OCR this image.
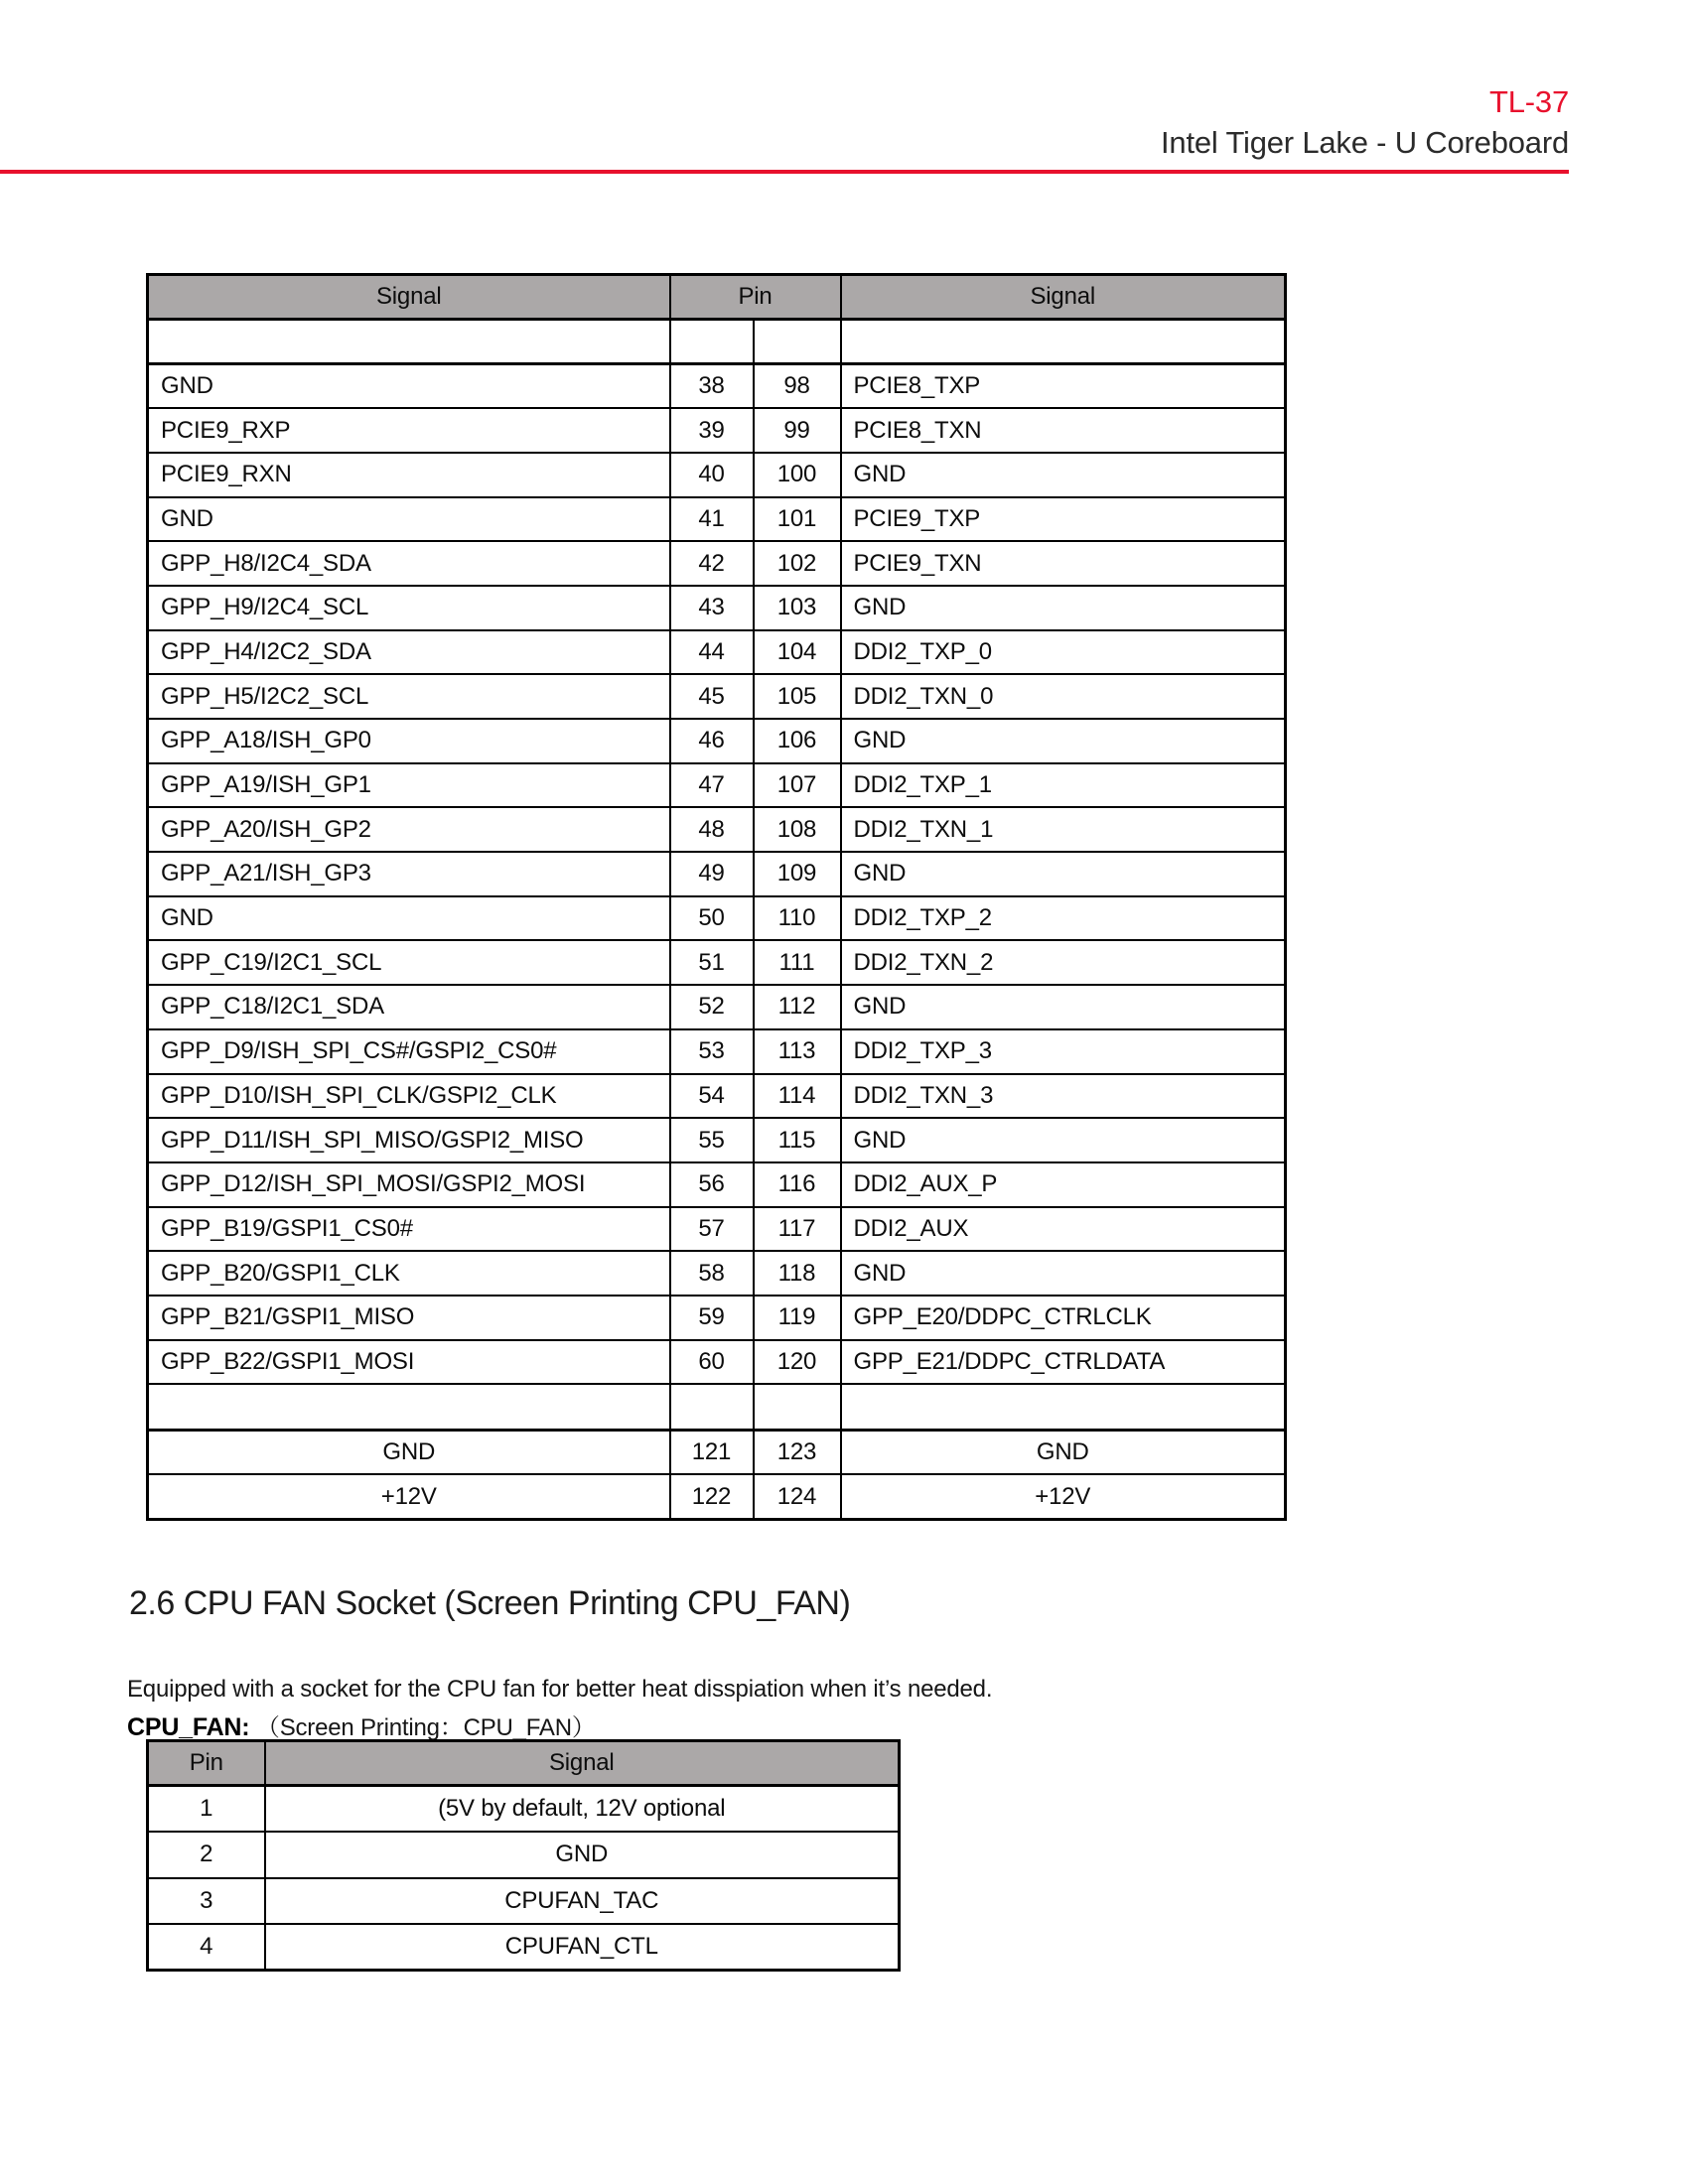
TL-37
Intel Tiger Lake - U Coreboard
Signal	Pin		Signal

GND	38	98	PCIE8_TXP
PCIE9_RXP	39	99	PCIE8_TXN
PCIE9_RXN	40	100	GND
GND	41	101	PCIE9_TXP
GPP_H8/I2C4_SDA	42	102	PCIE9_TXN
GPP_H9/I2C4_SCL	43	103	GND
GPP_H4/I2C2_SDA	44	104	DDI2_TXP_0
GPP_H5/I2C2_SCL	45	105	DDI2_TXN_0
GPP_A18/ISH_GP0	46	106	GND
GPP_A19/ISH_GP1	47	107	DDI2_TXP_1
GPP_A20/ISH_GP2	48	108	DDI2_TXN_1
GPP_A21/ISH_GP3	49	109	GND
GND	50	110	DDI2_TXP_2
GPP_C19/I2C1_SCL	51	111	DDI2_TXN_2
GPP_C18/I2C1_SDA	52	112	GND
GPP_D9/ISH_SPI_CS#/GSPI2_CS0#	53	113	DDI2_TXP_3
GPP_D10/ISH_SPI_CLK/GSPI2_CLK	54	114	DDI2_TXN_3
GPP_D11/ISH_SPI_MISO/GSPI2_MISO	55	115	GND
GPP_D12/ISH_SPI_MOSI/GSPI2_MOSI	56	116	DDI2_AUX_P
GPP_B19/GSPI1_CS0#	57	117	DDI2_AUX
GPP_B20/GSPI1_CLK	58	118	GND
GPP_B21/GSPI1_MISO	59	119	GPP_E20/DDPC_CTRLCLK
GPP_B22/GSPI1_MOSI	60	120	GPP_E21/DDPC_CTRLDATA

GND	121	123	GND
+12V	122	124	+12V
2.6 CPU FAN Socket (Screen Printing CPU_FAN)
Equipped with a socket for the CPU fan for better heat disspiation when it’s needed.
CPU_FAN: （Screen Printing：CPU_FAN）
Pin	Signal
1	(5V by default, 12V optional
2	GND
3	CPUFAN_TAC
4	CPUFAN_CTL
